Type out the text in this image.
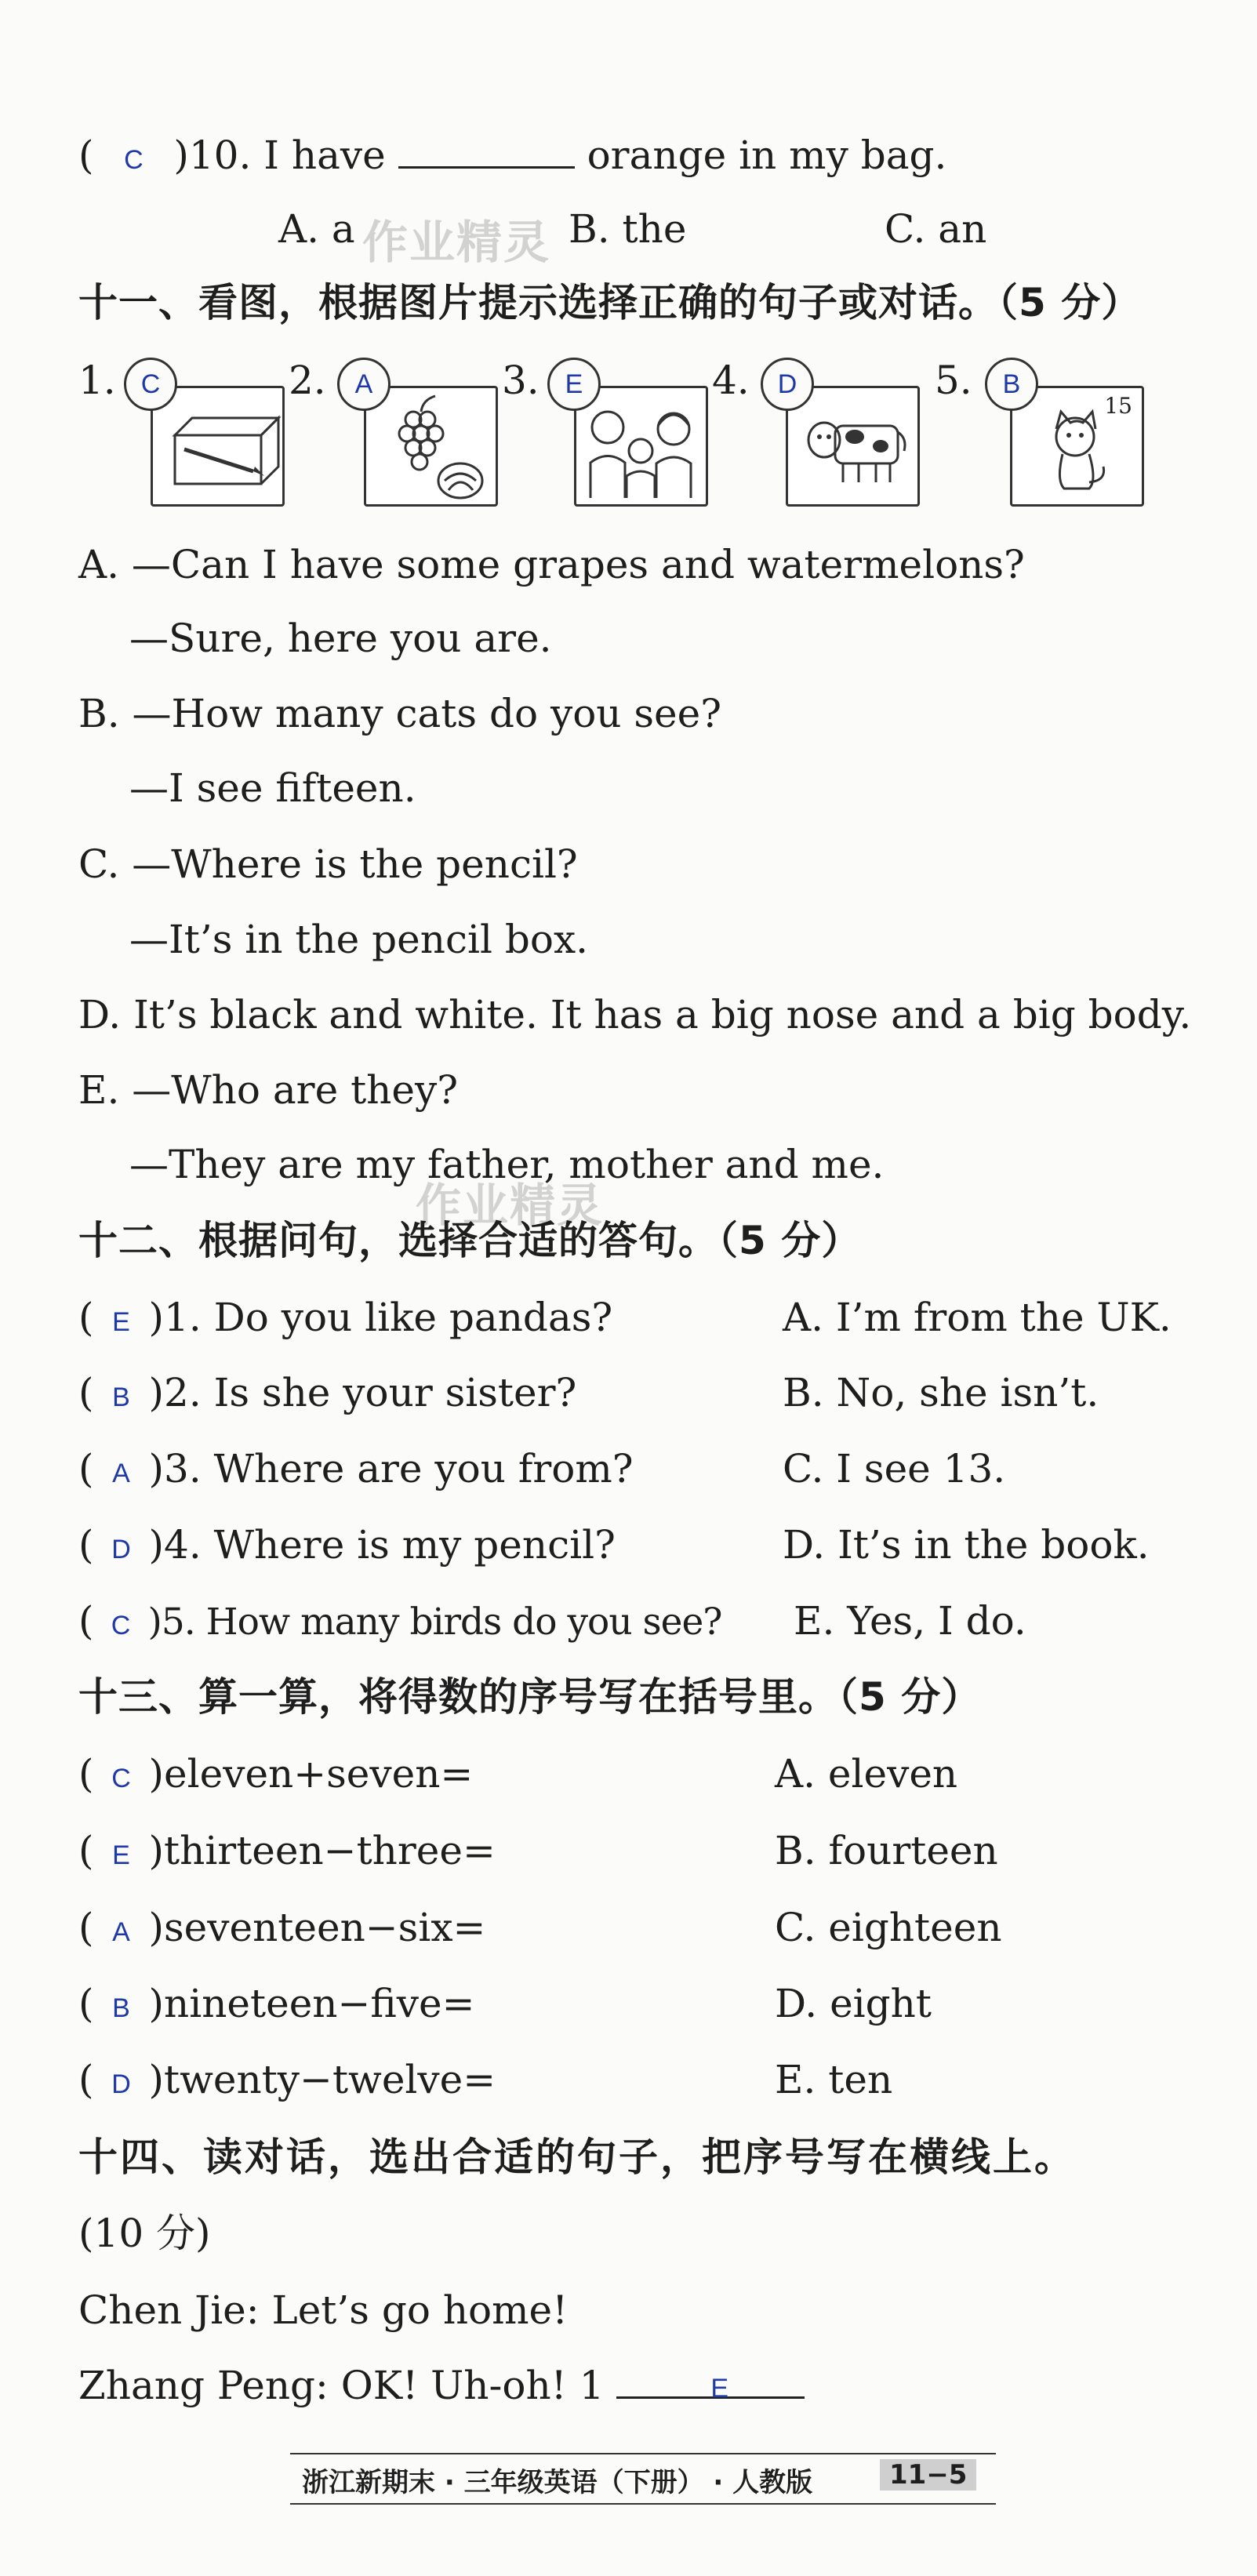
( C )10. I have	orange in my bag.
A. a 作业精灵 B. the	C. an
十一、看图，根据图片提示选择正确的句子或对话。（5 分）
1. C	2. A	3. E	4. D	5.
15
B
A. —Can I have some grapes and watermelons?
—Sure, here you are.
B. —How many cats do you see?
—I see fifteen.
C. —Where is the pencil?
—It’s in the pencil box.
D. It’s black and white. It has a big nose and a big body.
E. —Who are they?
—They are my father, mother and me.
作业精灵
十二、根据问句，选择合适的答句。（5 分）
( E )1. Do you like pandas?	A. I’m from the UK.
( B )2. Is she your sister?	B. No, she isn’t.
( A )3. Where are you from?	C. I see 13.
( D )4. Where is my pencil?	D. It’s in the book.
( C )5. How many birds do you see? E. Yes, I do.
十三、算一算，将得数的序号写在括号里。（5 分）
( C )eleven+seven=	A. eleven
( E )thirteen−three=	B. fourteen
( A )seventeen−six=	C. eighteen
( B )nineteen−five=	D. eight
( D )twenty−twelve=	E. ten
十四、读对话，选出合适的句子，把序号写在横线上。
(10 分)
Chen Jie: Let’s go home!
Zhang Peng: OK! Uh-oh! 1	E
浙江新期末 · 三年级英语（下册） · 人教版	11−5
